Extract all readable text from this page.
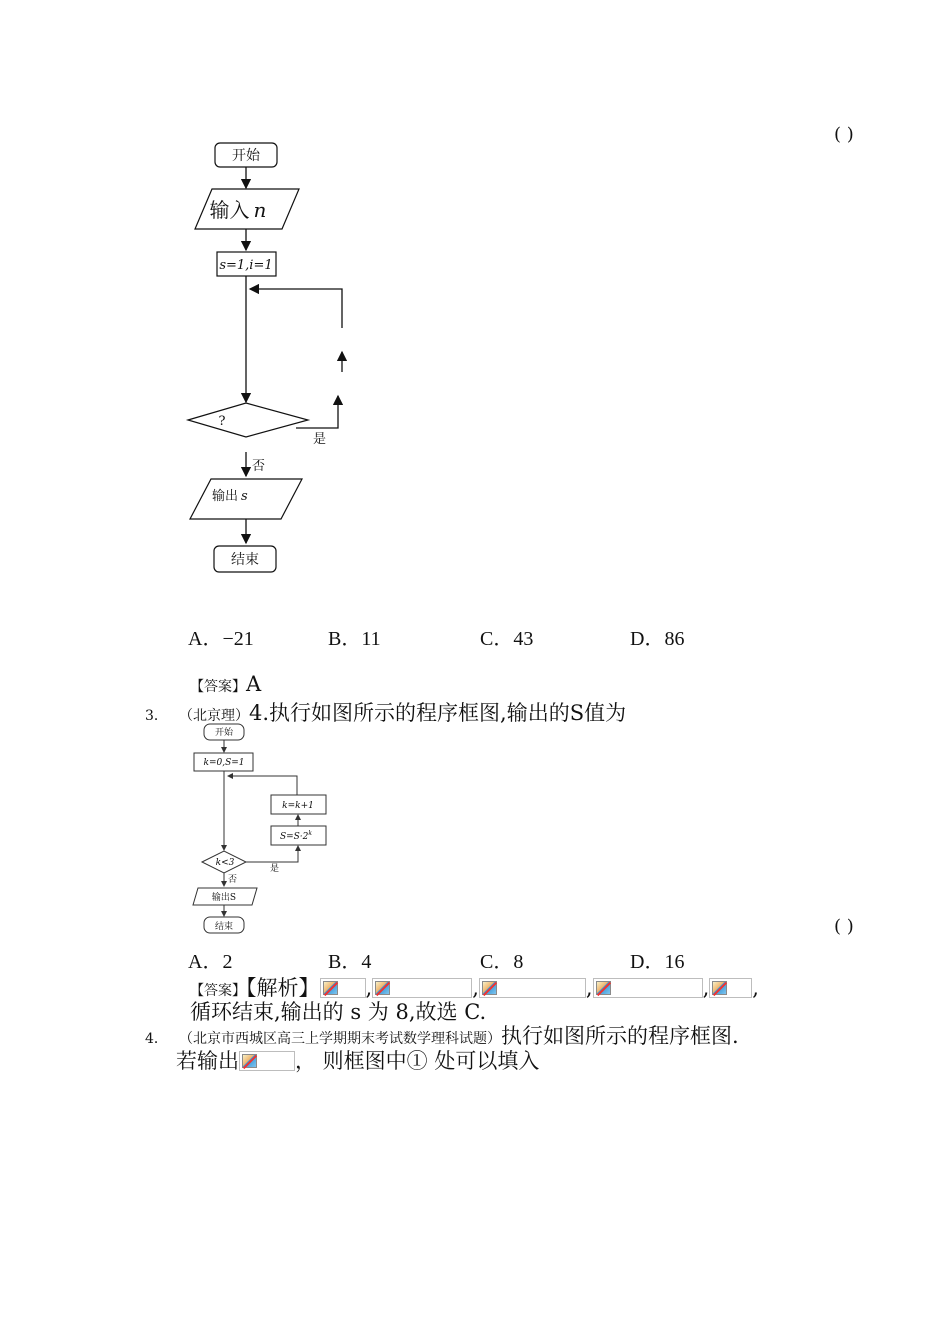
( )
开始
输入 n
s=1,i=1
?
是
否
输出 s
结束
A．−21	B．11	C．43	D．86
【答案】A
3． （北京理）4.执行如图所示的程序框图,输出的S值为
开始
k=0,S=1
k=k+1
$S=S\cdot 2^k$
k<3
是
否
输出S
结束	( )
A．2	B．4	C．8	D．16
【答案】【解析】 ,	,	,	, ,
循环结束,输出的 s 为 8,故选 C.
4． （北京市西城区高三上学期期末考试数学理科试题）执行如图所示的程序框图.
若输出	， 则框图中① 处可以填入
